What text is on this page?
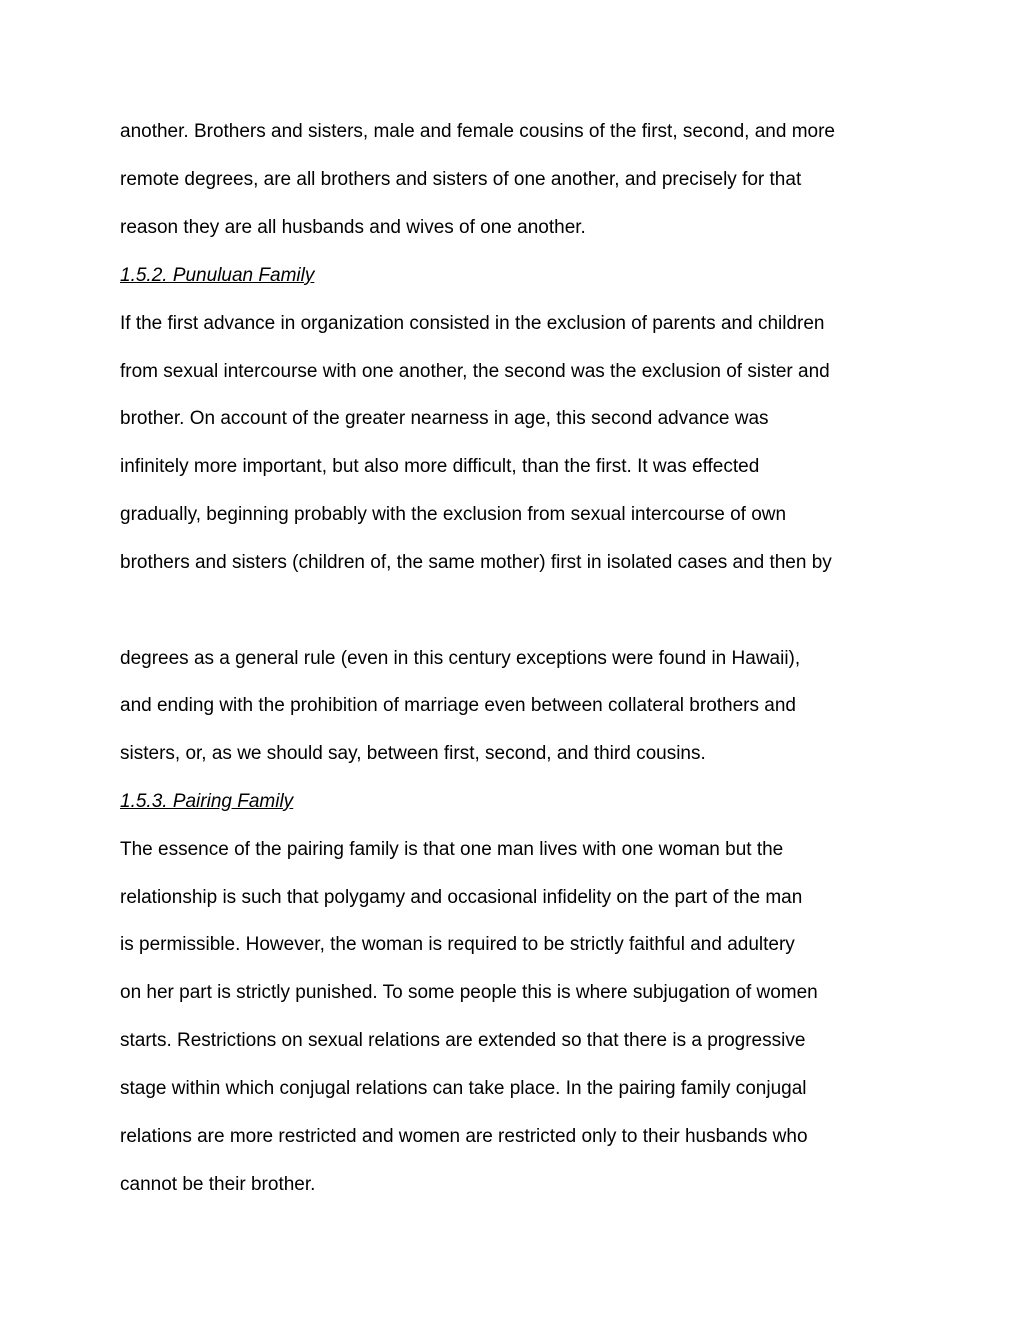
another. Brothers and sisters, male and female cousins of the first, second, and more
remote degrees, are all brothers and sisters of one another, and precisely for that
reason they are all husbands and wives of one another.
1.5.2. Punuluan Family
If the first advance in organization consisted in the exclusion of parents and children
from sexual intercourse with one another, the second was the exclusion of sister and
brother. On account of the greater nearness in age, this second advance was
infinitely more important, but also more difficult, than the first. It was effected
gradually, beginning probably with the exclusion from sexual intercourse of own
brothers and sisters (children of, the same mother) first in isolated cases and then by
degrees as a general rule (even in this century exceptions were found in Hawaii),
and ending with the prohibition of marriage even between collateral brothers and
sisters, or, as we should say, between first, second, and third cousins.
1.5.3. Pairing Family
The essence of the pairing family is that one man lives with one woman but the
relationship is such that polygamy and occasional infidelity on the part of the man
is permissible. However, the woman is required to be strictly faithful and adultery
on her part is strictly punished. To some people this is where subjugation of women
starts. Restrictions on sexual relations are extended so that there is a progressive
stage within which conjugal relations can take place. In the pairing family conjugal
relations are more restricted and women are restricted only to their husbands who
cannot be their brother.
